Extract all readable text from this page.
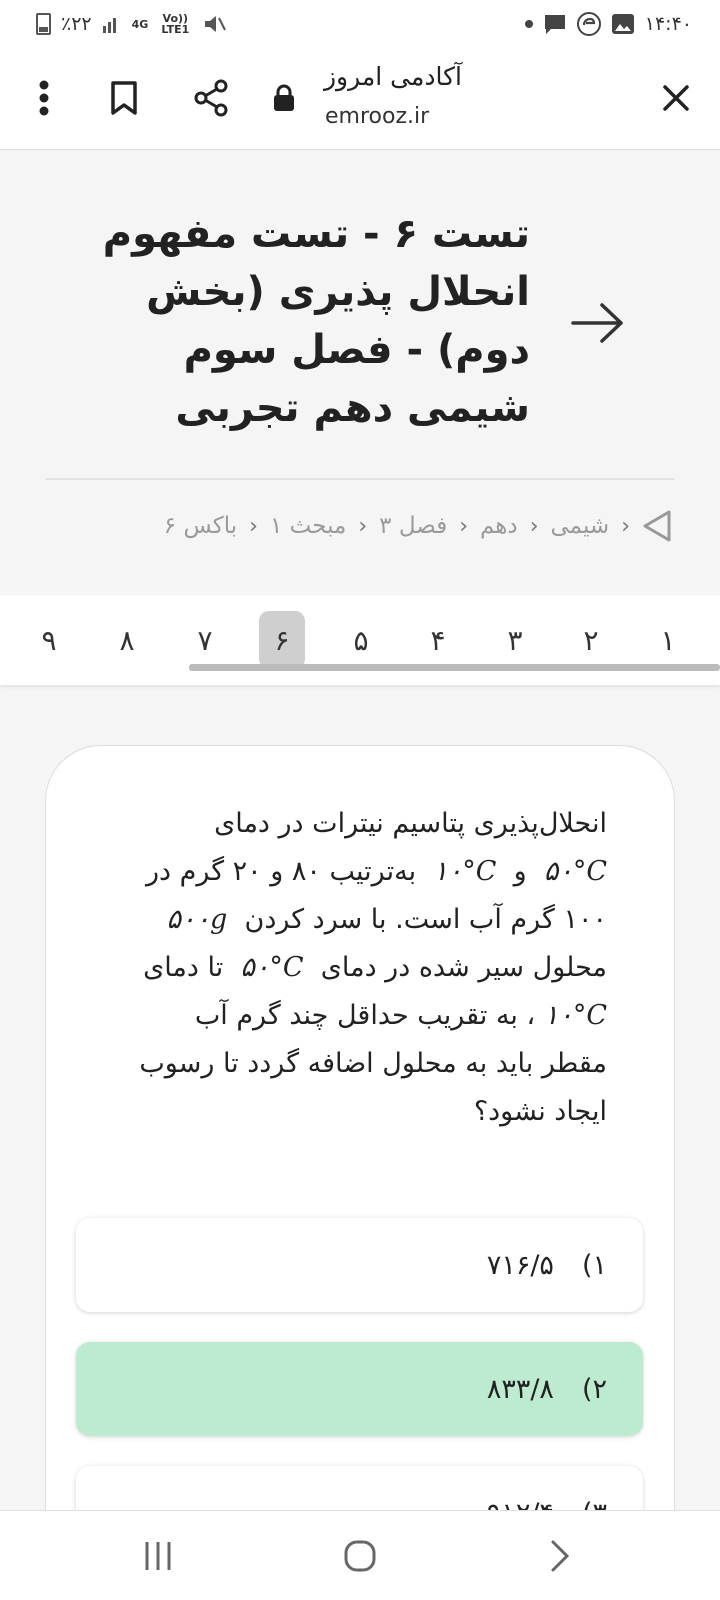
٪۲۲	4G	Vo)) LTE1	۱۴:۴۰
آکادمی امروز
emrooz.ir
تست ۶ - تست مفهوم انحلال پذیری (بخش دوم) - فصل سوم شیمی دهم تجربی
‹
شیمی
‹
دهم
‹
فصل ۳
‹
مبحث ۱
‹
باکس ۶
۱
۲
۳
۴
۵
۶
۷
۸
۹
انحلال‌پذیری پتاسیم نیترات در دمای
۵۰°C  و  ۱۰°C  به‌ترتیب ۸۰ و ۲۰ گرم در
۱۰۰ گرم آب است. با سرد کردن  ۵۰۰g
محلول سیر شده در دمای  ۵۰°C  تا دمای
۱۰°C ، به تقریب حداقل چند گرم آب
مقطر باید به محلول اضافه گردد تا رسوب
ایجاد نشود؟
۱)
۷۱۶/۵
۲)
۸۳۳/۸
